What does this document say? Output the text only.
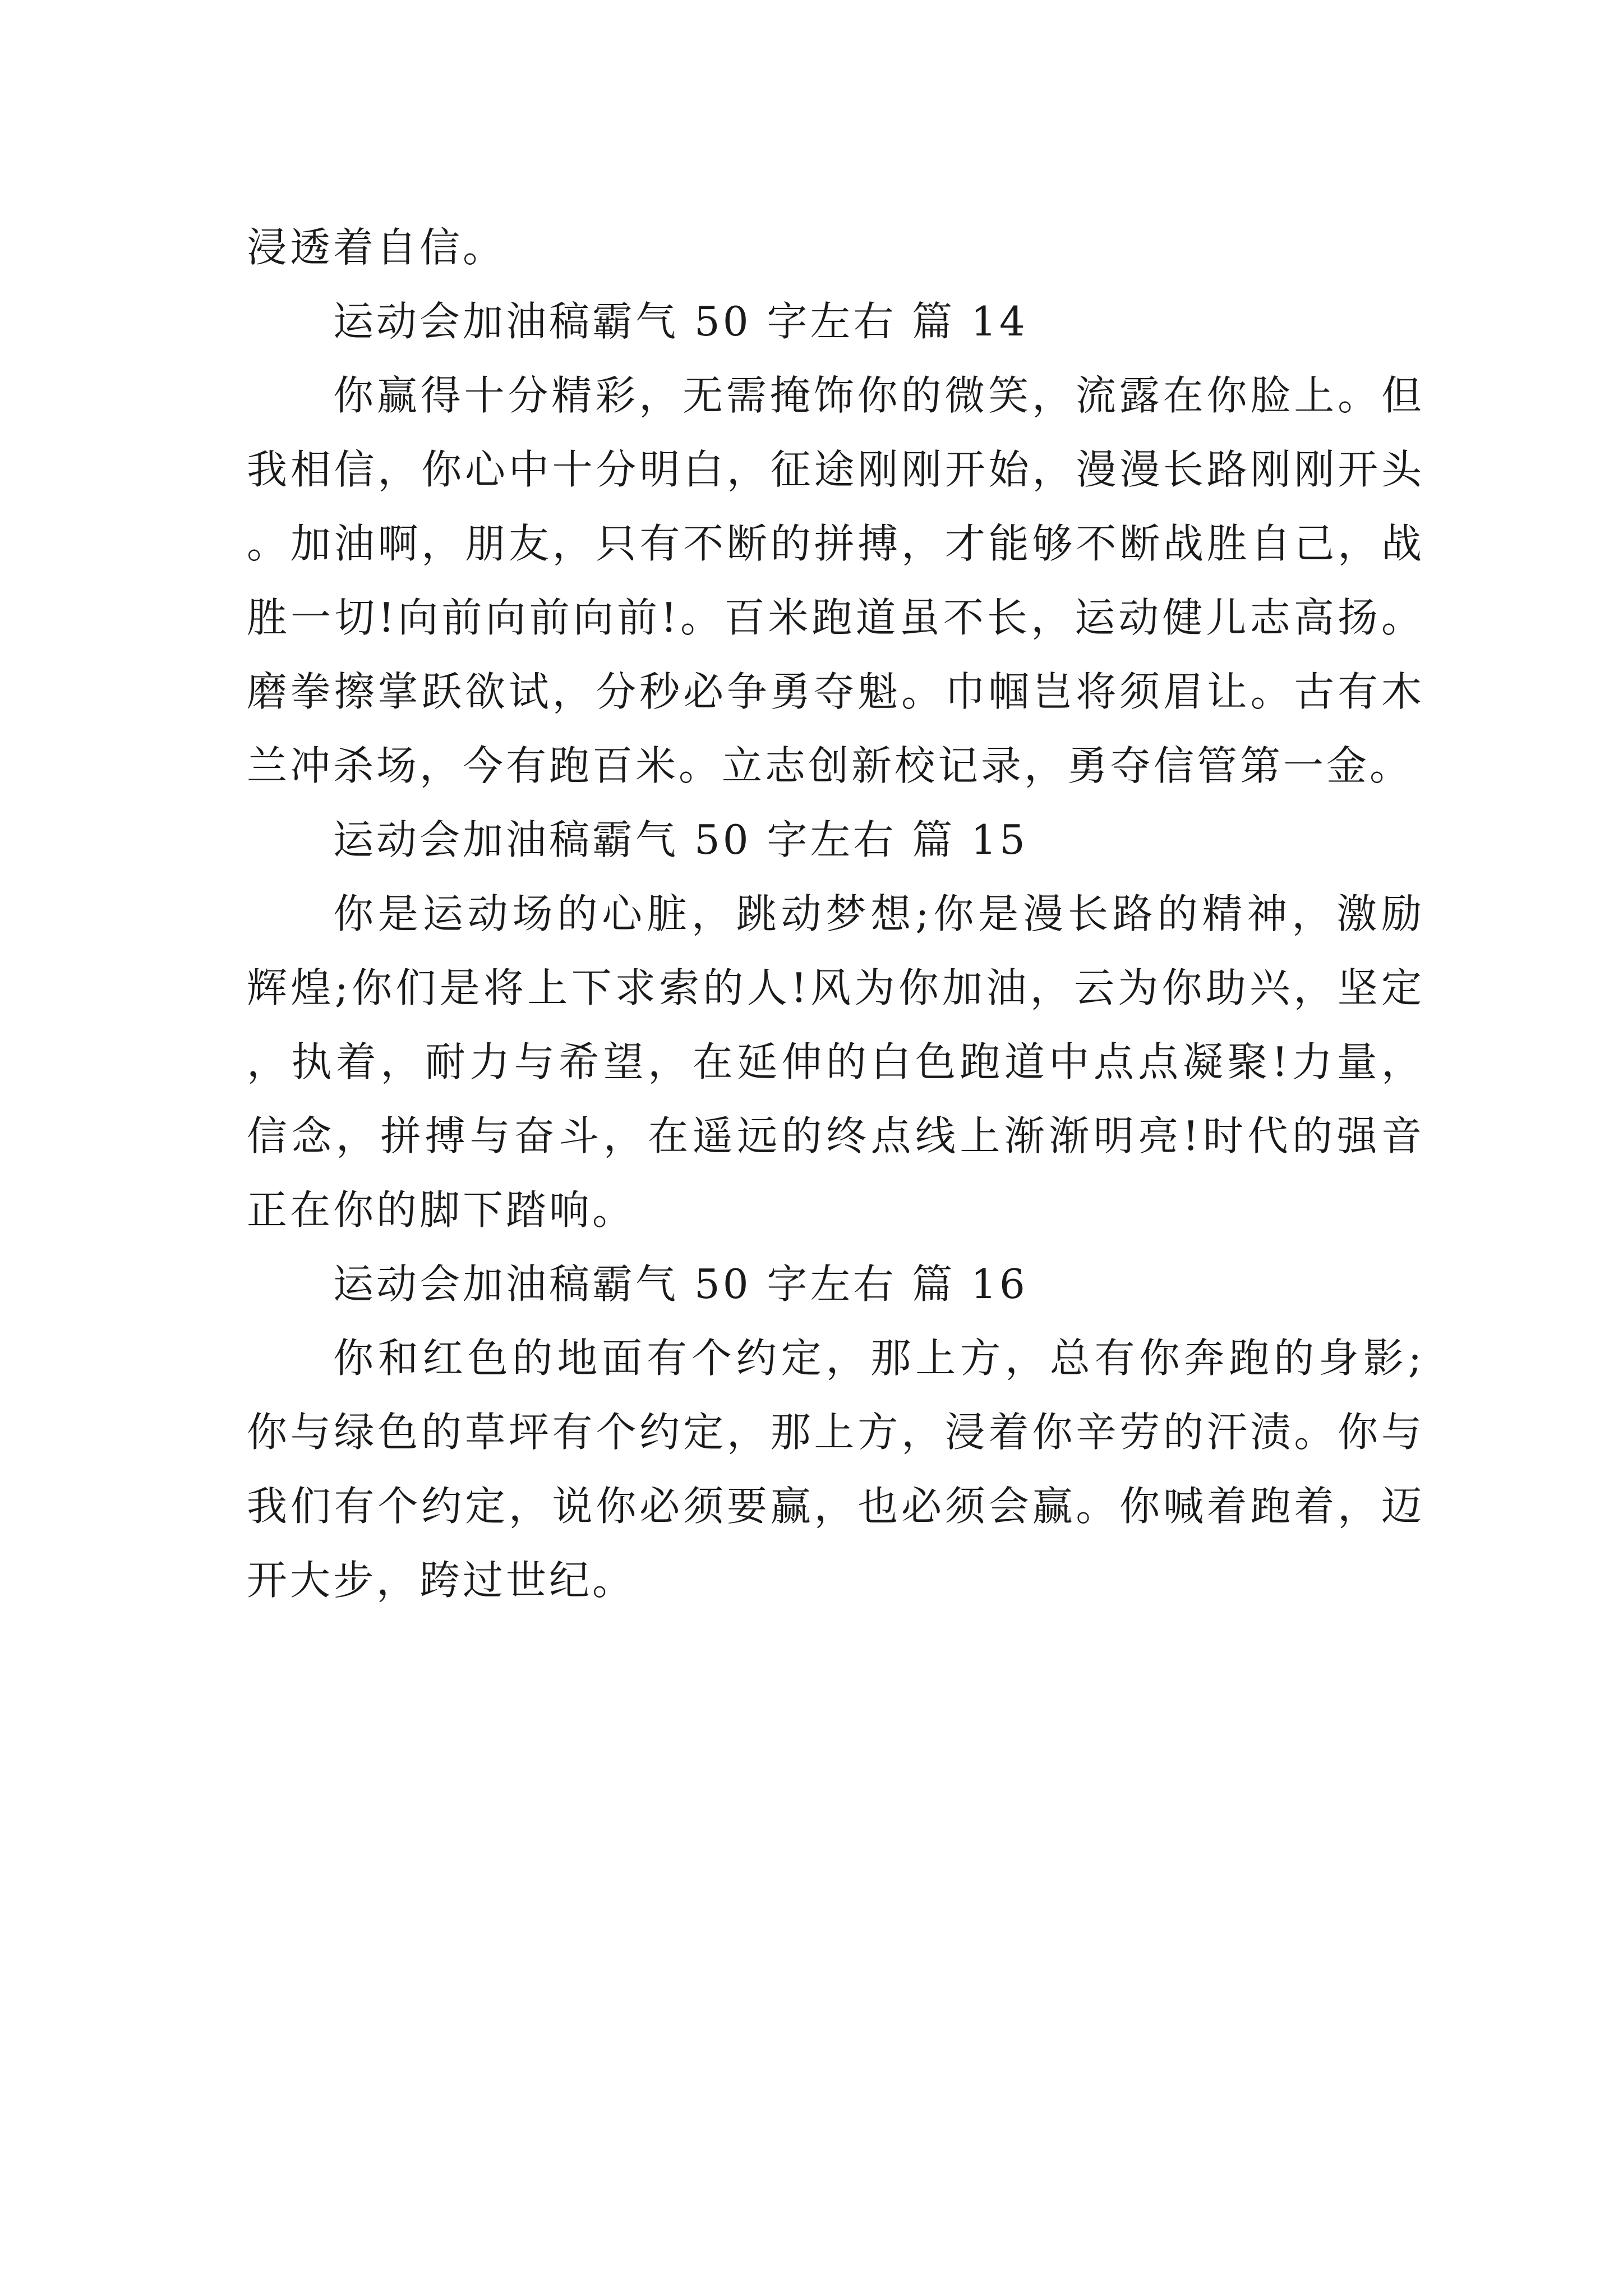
浸透着自信。

运动会加油稿霸气 50 字左右 篇 14

你赢得十分精彩，无需掩饰你的微笑，流露在你脸上。但我相信，你心中十分明白，征途刚刚开始，漫漫长路刚刚开头。加油啊，朋友，只有不断的拼搏，才能够不断战胜自己，战胜一切!向前向前向前!。百米跑道虽不长，运动健儿志高扬。磨拳擦掌跃欲试，分秒必争勇夺魁。巾帼岂将须眉让。古有木兰冲杀场，今有跑百米。立志创新校记录，勇夺信管第一金。

运动会加油稿霸气 50 字左右 篇 15

你是运动场的心脏，跳动梦想;你是漫长路的精神，激励辉煌;你们是将上下求索的人!风为你加油，云为你助兴，坚定，执着，耐力与希望，在延伸的白色跑道中点点凝聚!力量，信念，拼搏与奋斗，在遥远的终点线上渐渐明亮!时代的强音正在你的脚下踏响。

运动会加油稿霸气 50 字左右 篇 16

你和红色的地面有个约定，那上方，总有你奔跑的身影;你与绿色的草坪有个约定，那上方，浸着你辛劳的汗渍。你与我们有个约定，说你必须要赢，也必须会赢。你喊着跑着，迈开大步，跨过世纪。
